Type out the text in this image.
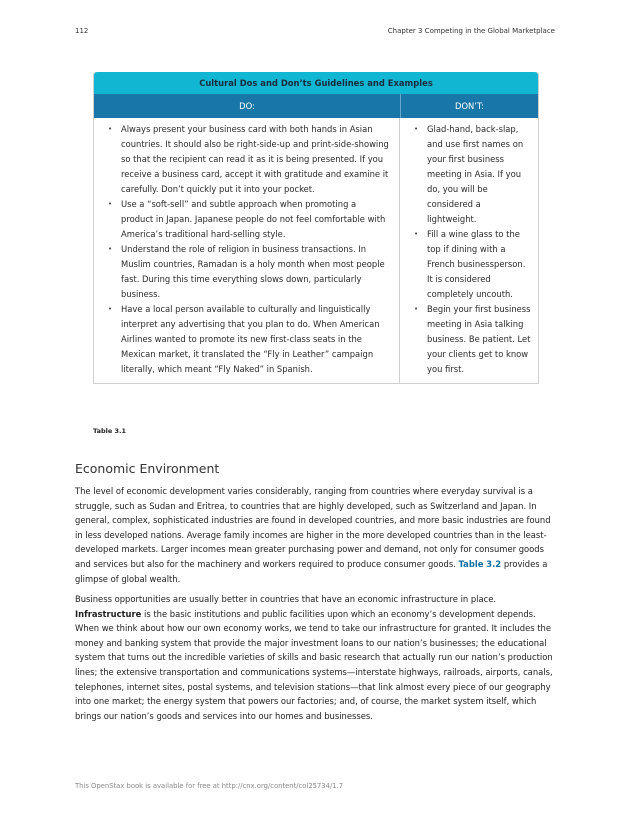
112	Chapter 3 Competing in the Global Marketplace
Cultural Dos and Don’ts Guidelines and Examples
DO:	DON’T:
• Always present your business card with both hands in Asian countries. It should also be right-side-up and print-side-showing so that the recipient can read it as it is being presented. If you receive a business card, accept it with gratitude and examine it carefully. Don’t quickly put it into your pocket.
• Use a “soft-sell” and subtle approach when promoting a product in Japan. Japanese people do not feel comfortable with America’s traditional hard-selling style.
• Understand the role of religion in business transactions. In Muslim countries, Ramadan is a holy month when most people fast. During this time everything slows down, particularly business.
• Have a local person available to culturally and linguistically interpret any advertising that you plan to do. When American Airlines wanted to promote its new first-class seats in the Mexican market, it translated the “Fly in Leather” campaign literally, which meant “Fly Naked” in Spanish.
• Glad-hand, back-slap, and use first names on your first business meeting in Asia. If you do, you will be considered a lightweight.
• Fill a wine glass to the top if dining with a French businessperson. It is considered completely uncouth.
• Begin your first business meeting in Asia talking business. Be patient. Let your clients get to know you first.
Table 3.1
Economic Environment

The level of economic development varies considerably, ranging from countries where everyday survival is a struggle, such as Sudan and Eritrea, to countries that are highly developed, such as Switzerland and Japan. In general, complex, sophisticated industries are found in developed countries, and more basic industries are found in less developed nations. Average family incomes are higher in the more developed countries than in the least-developed markets. Larger incomes mean greater purchasing power and demand, not only for consumer goods and services but also for the machinery and workers required to produce consumer goods. Table 3.2 provides a glimpse of global wealth.

Business opportunities are usually better in countries that have an economic infrastructure in place. Infrastructure is the basic institutions and public facilities upon which an economy’s development depends. When we think about how our own economy works, we tend to take our infrastructure for granted. It includes the money and banking system that provide the major investment loans to our nation’s businesses; the educational system that turns out the incredible varieties of skills and basic research that actually run our nation’s production lines; the extensive transportation and communications systems—interstate highways, railroads, airports, canals, telephones, internet sites, postal systems, and television stations—that link almost every piece of our geography into one market; the energy system that powers our factories; and, of course, the market system itself, which brings our nation’s goods and services into our homes and businesses.

This OpenStax book is available for free at http://cnx.org/content/col25734/1.7
